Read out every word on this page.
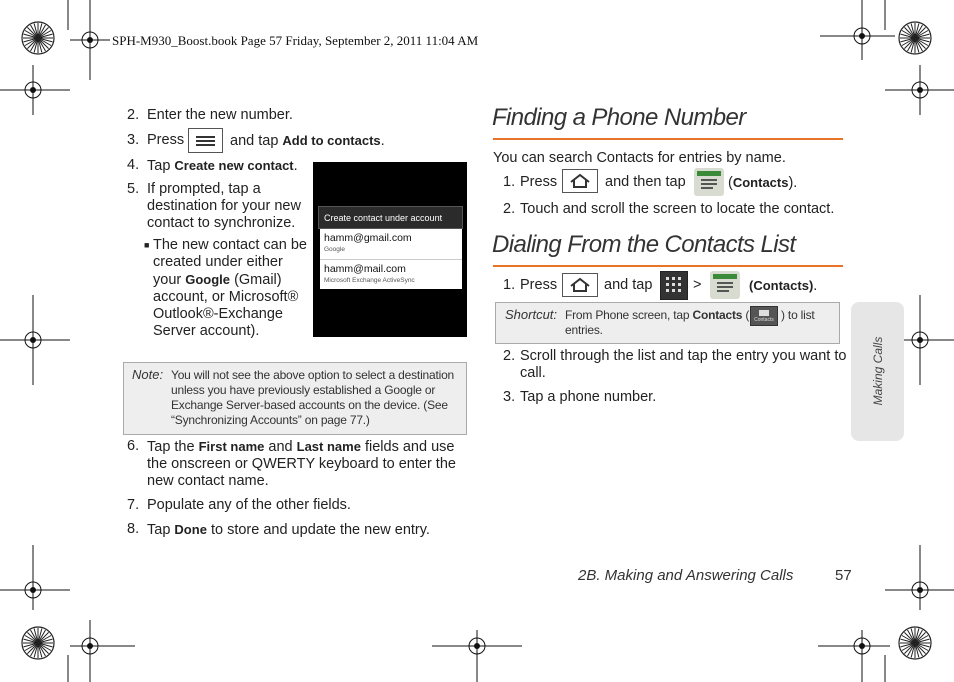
SPH-M930_Boost.book Page 57 Friday, September 2, 2011 11:04 AM
2. Enter the new number.
3. Press	and tap Add to contacts.
4. Tap Create new contact.
5. If prompted, tap a
destination for your new
contact to synchronize.
■ The new contact can be
created under either
your Google (Gmail)
account, or Microsoft®
Outlook®-Exchange
Server account).
Create contact under account
hamm@gmail.com
Google
hamm@mail.com
Microsoft Exchange ActiveSync
Note: You will not see the above option to select a destination
unless you have previously established a Google or
Exchange Server-based accounts on the device. (See
“Synchronizing Accounts” on page 77.)
6. Tap the First name and Last name fields and use
the onscreen or QWERTY keyboard to enter the
new contact name.
7. Populate any of the other fields.
8. Tap Done to store and update the new entry.
Finding a Phone Number
You can search Contacts for entries by name.
1. Press	and then tap	(Contacts).
2. Touch and scroll the screen to locate the contact.
Dialing From the Contacts List
1. Press	and tap	>	(Contacts).
Shortcut: From Phone screen, tap Contacts ( Contacts ) to list
entries.
2. Scroll through the list and tap the entry you want to
call.
3. Tap a phone number.	Making Calls
2B. Making and Answering Calls	57
